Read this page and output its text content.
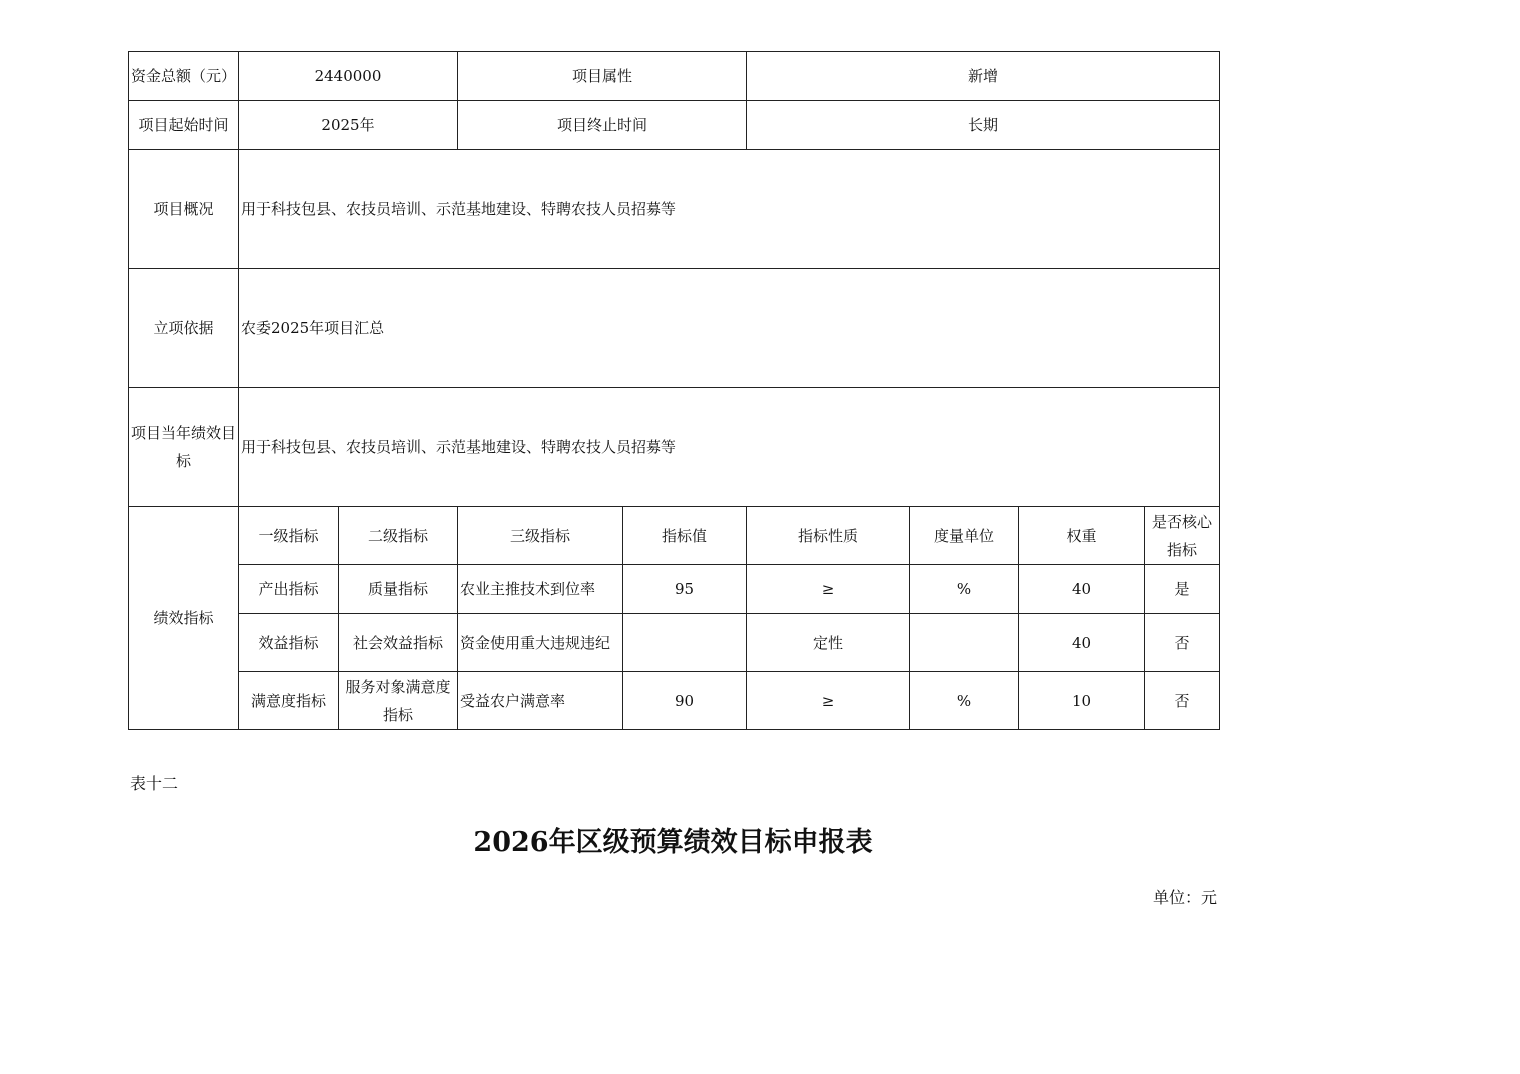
资金总额（元）	2440000		项目属性		新增			
项目起始时间	2025年		项目终止时间		长期			
项目概况	用于科技包县、农技员培训、示范基地建设、特聘农技人员招募等							
立项依据	农委2025年项目汇总							
项目当年绩效目标	用于科技包县、农技员培训、示范基地建设、特聘农技人员招募等							
绩效指标	一级指标	二级指标	三级指标	指标值	指标性质	度量单位	权重	是否核心指标
	产出指标	质量指标	农业主推技术到位率	95	≥	%	40	是
	效益指标	社会效益指标	资金使用重大违规违纪		定性		40	否
	满意度指标	服务对象满意度指标	受益农户满意率	90	≥	%	10	否
表十二
2026年区级预算绩效目标申报表
单位：元
